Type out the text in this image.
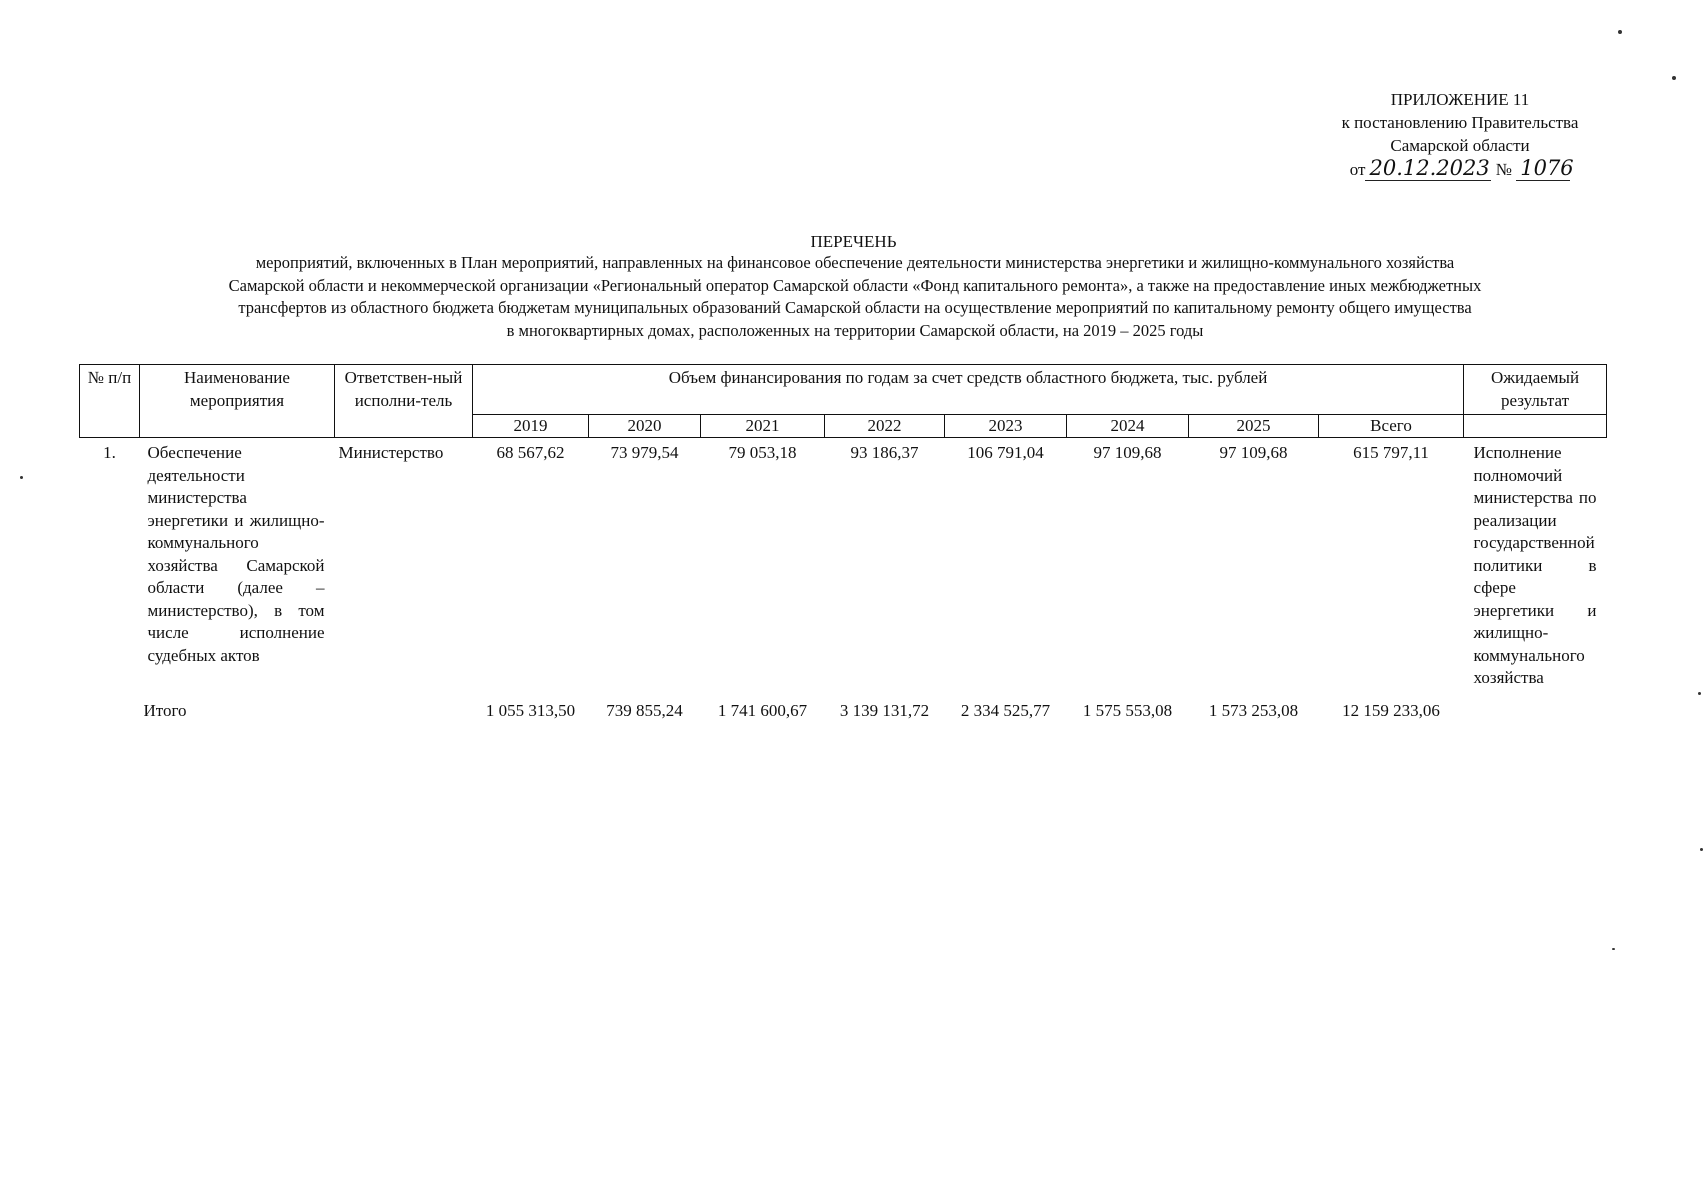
ПРИЛОЖЕНИЕ 11
к постановлению Правительства
Самарской области
от 20.12.2023 № 1076
ПЕРЕЧЕНЬ
мероприятий, включенных в План мероприятий, направленных на финансовое обеспечение деятельности министерства энергетики и жилищно-коммунального хозяйства
Самарской области и некоммерческой организации «Региональный оператор Самарской области «Фонд капитального ремонта», а также на предоставление иных межбюджетных
трансфертов из областного бюджета бюджетам муниципальных образований Самарской области на осуществление мероприятий по капитальному ремонту общего имущества
в многоквартирных домах, расположенных на территории Самарской области, на 2019 – 2025 годы
№ п/п	Наименование мероприятия	Ответствен-ный исполни-тель	Объем финансирования по годам за счет средств областного бюджета, тыс. рублей								Ожидаемый результат
			2019	2020	2021	2022	2023	2024	2025	Всего	
1.	Обеспечение деятельности министерства энергетики и жилищно-коммунального хозяйства Самарской области (далее – министерство), в том числе исполнение судебных актов	Министерство	68 567,62	73 979,54	79 053,18	93 186,37	106 791,04	97 109,68	97 109,68	615 797,11	Исполнение полномочий министерства по реализации государственной политики в сфере энергетики и жилищно-коммунального хозяйства
	Итого		1 055 313,50	739 855,24	1 741 600,67	3 139 131,72	2 334 525,77	1 575 553,08	1 573 253,08	12 159 233,06	
